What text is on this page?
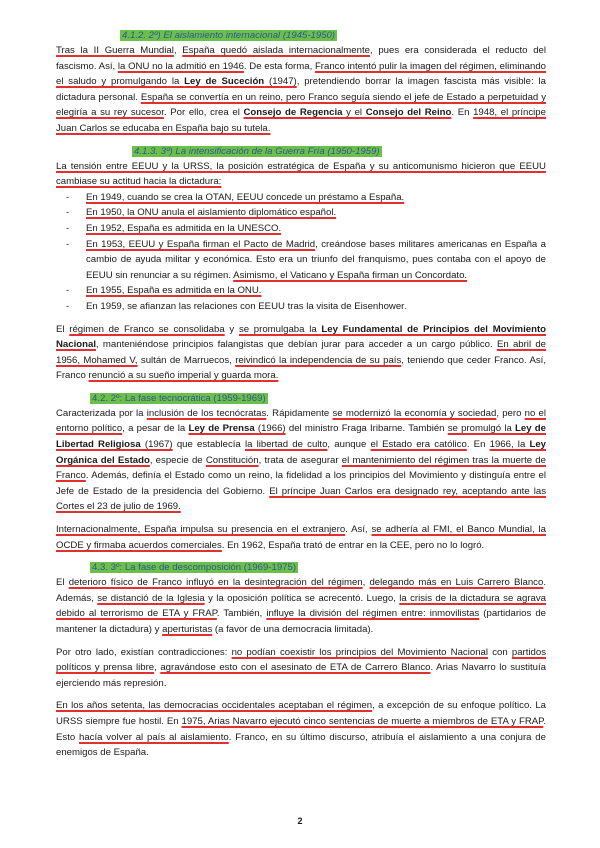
4.1.2. 2º) El aislamiento internacional (1945-1950)

Tras la II Guerra Mundial, España quedó aislada internacionalmente, pues era considerada el reducto del fascismo. Así, la ONU no la admitió en 1946. De esta forma, Franco intentó pulir la imagen del régimen, eliminando el saludo y promulgando la Ley de Suceción (1947), pretendiendo borrar la imagen fascista más visible: la dictadura personal. España se convertía en un reino, pero Franco seguía siendo el jefe de Estado a perpetuidad y elegiría a su rey sucesor. Por ello, crea el Consejo de Regencia y el Consejo del Reino. En 1948, el príncipe Juan Carlos se educaba en España bajo su tutela.

4.1.3. 3º) La intensificación de la Guerra Fría (1950-1959)

La tensión entre EEUU y la URSS, la posición estratégica de España y su anticomunismo hicieron que EEUU cambiase su actitud hacia la dictadura:

- En 1949, cuando se crea la OTAN, EEUU concede un préstamo a España.
- En 1950, la ONU anula el aislamiento diplomático español.
- En 1952, España es admitida en la UNESCO.
- En 1953, EEUU y España firman el Pacto de Madrid, creándose bases militares americanas en España a cambio de ayuda militar y económica. Esto era un triunfo del franquismo, pues contaba con el apoyo de EEUU sin renunciar a su régimen. Asimismo, el Vaticano y España firman un Concordato.
- En 1955, España es admitida en la ONU.
- En 1959, se afianzan las relaciones con EEUU tras la visita de Eisenhower.

El régimen de Franco se consolidaba y se promulgaba la Ley Fundamental de Principios del Movimiento Nacional, manteniéndose principios falangistas que debían jurar para acceder a un cargo público. En abril de 1956, Mohamed V, sultán de Marruecos, reivindicó la independencia de su país, teniendo que ceder Franco. Así, Franco renunció a su sueño imperial y guarda mora.

4.2. 2º: La fase tecnocrática (1959-1969)

Caracterizada por la inclusión de los tecnócratas. Rápidamente se modernizó la economía y sociedad, pero no el entorno político, a pesar de la Ley de Prensa (1966) del ministro Fraga Iribarne. También se promulgó la Ley de Libertad Religiosa (1967) que establecía la libertad de culto, aunque el Estado era católico. En 1966, la Ley Orgánica del Estado, especie de Constitución, trata de asegurar el mantenimiento del régimen tras la muerte de Franco. Además, definía el Estado como un reino, la fidelidad a los principios del Movimiento y distinguía entre el Jefe de Estado de la presidencia del Gobierno. El príncipe Juan Carlos era designado rey, aceptando ante las Cortes el 23 de julio de 1969.

Internacionalmente, España impulsa su presencia en el extranjero. Así, se adhería al FMI, el Banco Mundial, la OCDE y firmaba acuerdos comerciales. En 1962, España trató de entrar en la CEE, pero no lo logró.

4.3. 3º: La fase de descomposición (1969-1975)

El deterioro físico de Franco influyó en la desintegración del régimen, delegando más en Luis Carrero Blanco. Además, se distanció de la Iglesia y la oposición política se acrecentó. Luego, la crisis de la dictadura se agrava debido al terrorismo de ETA y FRAP. También, influye la división del régimen entre: inmovilistas (partidarios de mantener la dictadura) y aperturistas (a favor de una democracia limitada).

Por otro lado, existían contradicciones: no podían coexistir los principios del Movimiento Nacional con partidos políticos y prensa libre, agravándose esto con el asesinato de ETA de Carrero Blanco. Arias Navarro lo sustituía ejerciendo más represión.

En los años setenta, las democracias occidentales aceptaban el régimen, a excepción de su enfoque político. La URSS siempre fue hostil. En 1975, Arias Navarro ejecutó cinco sentencias de muerte a miembros de ETA y FRAP. Esto hacía volver al país al aislamiento. Franco, en su último discurso, atribuía el aislamiento a una conjura de enemigos de España.

2
